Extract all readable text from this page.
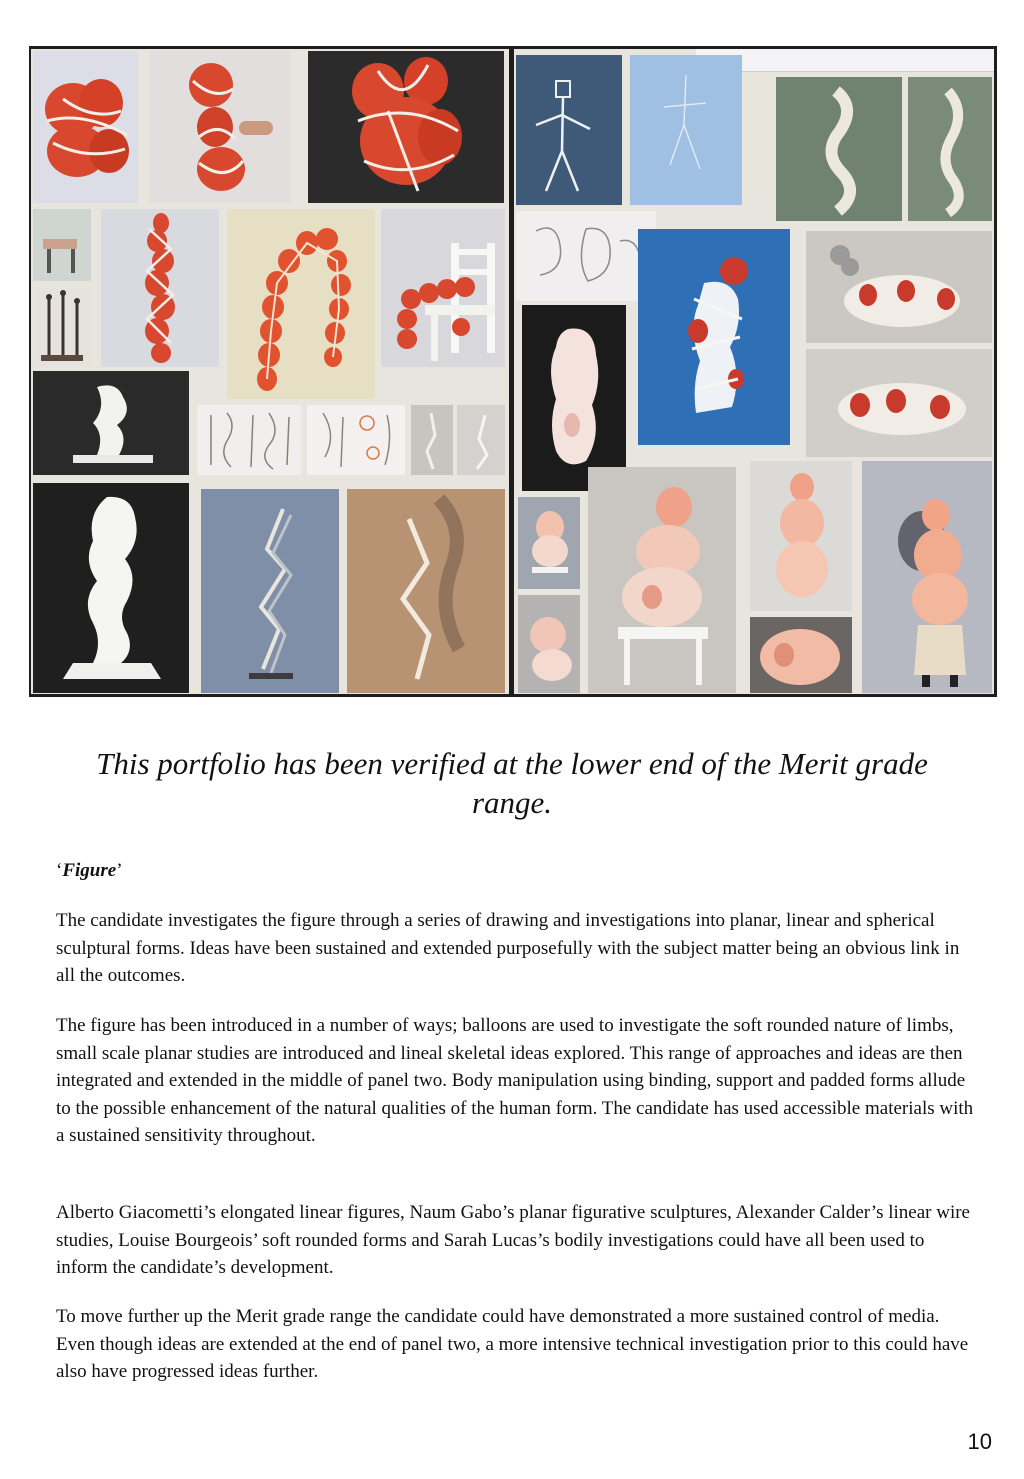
This portfolio has been verified at the lower end of the Merit grade range.

‘Figure’

The candidate investigates the figure through a series of drawing and investigations into planar, linear and spherical sculptural forms. Ideas have been sustained and extended purposefully with the subject matter being an obvious link in all the outcomes.

The figure has been introduced in a number of ways; balloons are used to investigate the soft rounded nature of limbs, small scale planar studies are introduced and lineal skeletal ideas explored. This range of approaches and ideas are then integrated and extended in the middle of panel two. Body manipulation using binding, support and padded forms allude to the possible enhancement of the natural qualities of the human form. The candidate has used accessible materials with a sustained sensitivity throughout.

Alberto Giacometti’s elongated linear figures, Naum Gabo’s planar figurative sculptures, Alexander Calder’s linear wire studies, Louise Bourgeois’ soft rounded forms and Sarah Lucas’s bodily investigations could have all been used to inform the candidate’s development.

To move further up the Merit grade range the candidate could have demonstrated a more sustained control of media. Even though ideas are extended at the end of panel two, a more intensive technical investigation prior to this could have also have progressed ideas further.

10
